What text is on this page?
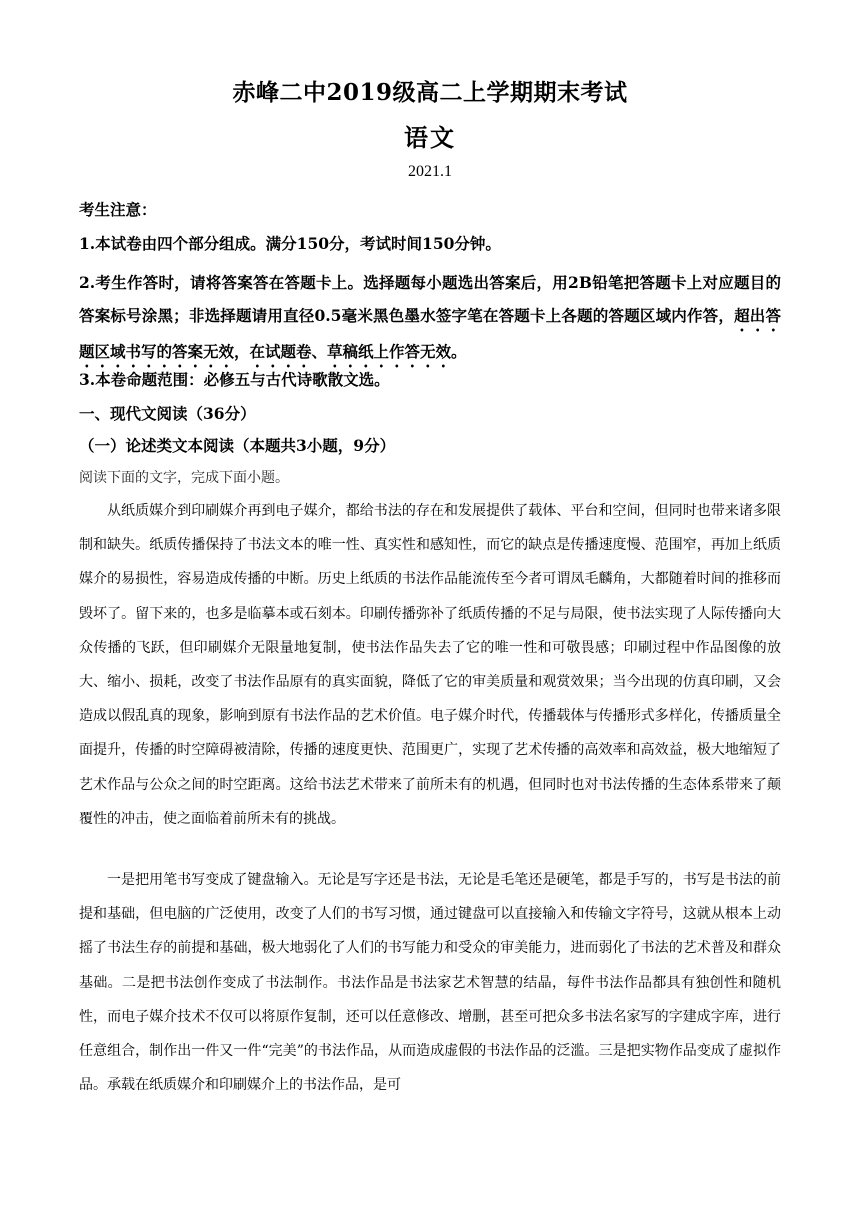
赤峰二中2019级高二上学期期末考试
语文
2021.1
考生注意：
1.本试卷由四个部分组成。满分150分，考试时间150分钟。
2.考生作答时，请将答案答在答题卡上。选择题每小题选出答案后，用2B铅笔把答题卡上对应题目的答案标号涂黑；非选择题请用直径0.5毫米黑色墨水签字笔在答题卡上各题的答题区域内作答，超出答题区域书写的答案无效，在试题卷、草稿纸上作答无效。
3.本卷命题范围：必修五与古代诗歌散文选。
一、现代文阅读（36分）
（一）论述类文本阅读（本题共3小题，9分）
阅读下面的文字，完成下面小题。
从纸质媒介到印刷媒介再到电子媒介，都给书法的存在和发展提供了载体、平台和空间，但同时也带来诸多限制和缺失。纸质传播保持了书法文本的唯一性、真实性和感知性，而它的缺点是传播速度慢、范围窄，再加上纸质媒介的易损性，容易造成传播的中断。历史上纸质的书法作品能流传至今者可谓凤毛麟角，大都随着时间的推移而毁坏了。留下来的，也多是临摹本或石刻本。印刷传播弥补了纸质传播的不足与局限，使书法实现了人际传播向大众传播的飞跃，但印刷媒介无限量地复制，使书法作品失去了它的唯一性和可敬畏感；印刷过程中作品图像的放大、缩小、损耗，改变了书法作品原有的真实面貌，降低了它的审美质量和观赏效果；当今出现的仿真印刷，又会造成以假乱真的现象，影响到原有书法作品的艺术价值。电子媒介时代，传播载体与传播形式多样化，传播质量全面提升，传播的时空障碍被清除，传播的速度更快、范围更广，实现了艺术传播的高效率和高效益，极大地缩短了艺术作品与公众之间的时空距离。这给书法艺术带来了前所未有的机遇，但同时也对书法传播的生态体系带来了颠覆性的冲击，使之面临着前所未有的挑战。
一是把用笔书写变成了键盘输入。无论是写字还是书法，无论是毛笔还是硬笔，都是手写的，书写是书法的前提和基础，但电脑的广泛使用，改变了人们的书写习惯，通过键盘可以直接输入和传输文字符号，这就从根本上动摇了书法生存的前提和基础，极大地弱化了人们的书写能力和受众的审美能力，进而弱化了书法的艺术普及和群众基础。二是把书法创作变成了书法制作。书法作品是书法家艺术智慧的结晶，每件书法作品都具有独创性和随机性，而电子媒介技术不仅可以将原作复制，还可以任意修改、增删，甚至可把众多书法名家写的字建成字库，进行任意组合，制作出一件又一件“完美”的书法作品，从而造成虚假的书法作品的泛滥。三是把实物作品变成了虚拟作品。承载在纸质媒介和印刷媒介上的书法作品，是可
